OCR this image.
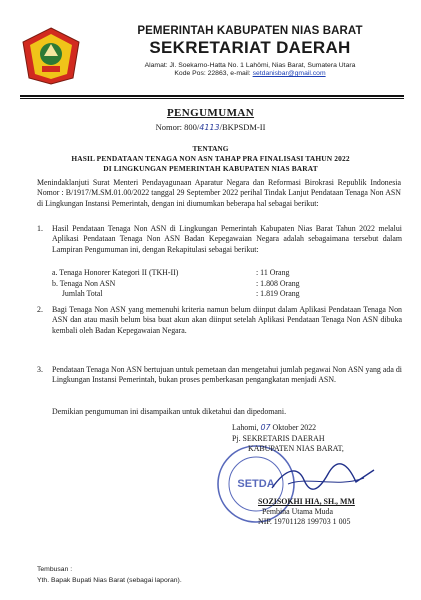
PEMERINTAH KABUPATEN NIAS BARAT
SEKRETARIAT DAERAH
Alamat: Jl. Soekarno-Hatta No. 1 Lahömi, Nias Barat, Sumatera Utara
Kode Pos: 22863, e-mail: setdanisbar@gmail.com
PENGUMUMAN
Nomor: 800/4113/BKPSDM-II
TENTANG
HASIL PENDATAAN TENAGA NON ASN TAHAP PRA FINALISASI TAHUN 2022
DI LINGKUNGAN PEMERINTAH KABUPATEN NIAS BARAT
Menindaklanjuti Surat Menteri Pendayagunaan Aparatur Negara dan Reformasi Birokrasi Republik Indonesia Nomor : B/1917/M.SM.01.00/2022 tanggal 29 September 2022 perihal Tindak Lanjut Pendataan Tenaga Non ASN di Lingkungan Instansi Pemerintah, dengan ini diumumkan beberapa hal sebagai berikut:
1. Hasil Pendataan Tenaga Non ASN di Lingkungan Pemerintah Kabupaten Nias Barat Tahun 2022 melalui Aplikasi Pendataan Tenaga Non ASN Badan Kepegawaian Negara adalah sebagaimana tersebut dalam Lampiran Pengumuman ini, dengan Rekapitulasi sebagai berikut:
a. Tenaga Honorer Kategori II (TKH-II)	: 11 Orang
b. Tenaga Non ASN	: 1.808 Orang
Jumlah Total	: 1.819 Orang
2. Bagi Tenaga Non ASN yang memenuhi kriteria namun belum diinput dalam Aplikasi Pendataan Tenaga Non ASN dan atau masih belum bisa buat akun akan diinput setelah Aplikasi Pendataan Tenaga Non ASN dibuka kembali oleh Badan Kepegawaian Negara.
3. Pendataan Tenaga Non ASN bertujuan untuk pemetaan dan mengetahui jumlah pegawai Non ASN yang ada di Lingkungan Instansi Pemerintah, bukan proses pemberkasan pengangkatan menjadi ASN.
Demikian pengumuman ini disampaikan untuk diketahui dan dipedomani.
SETDA
Lahomi, 07 Oktober 2022
Pj. SEKRETARIS DAERAH
KABUPATEN NIAS BARAT,
SOZISOKHI HIA, SH., MM
Pembina Utama Muda
NIP. 19701128 199703 1 005
Tembusan :
Yth. Bapak Bupati Nias Barat (sebagai laporan).
